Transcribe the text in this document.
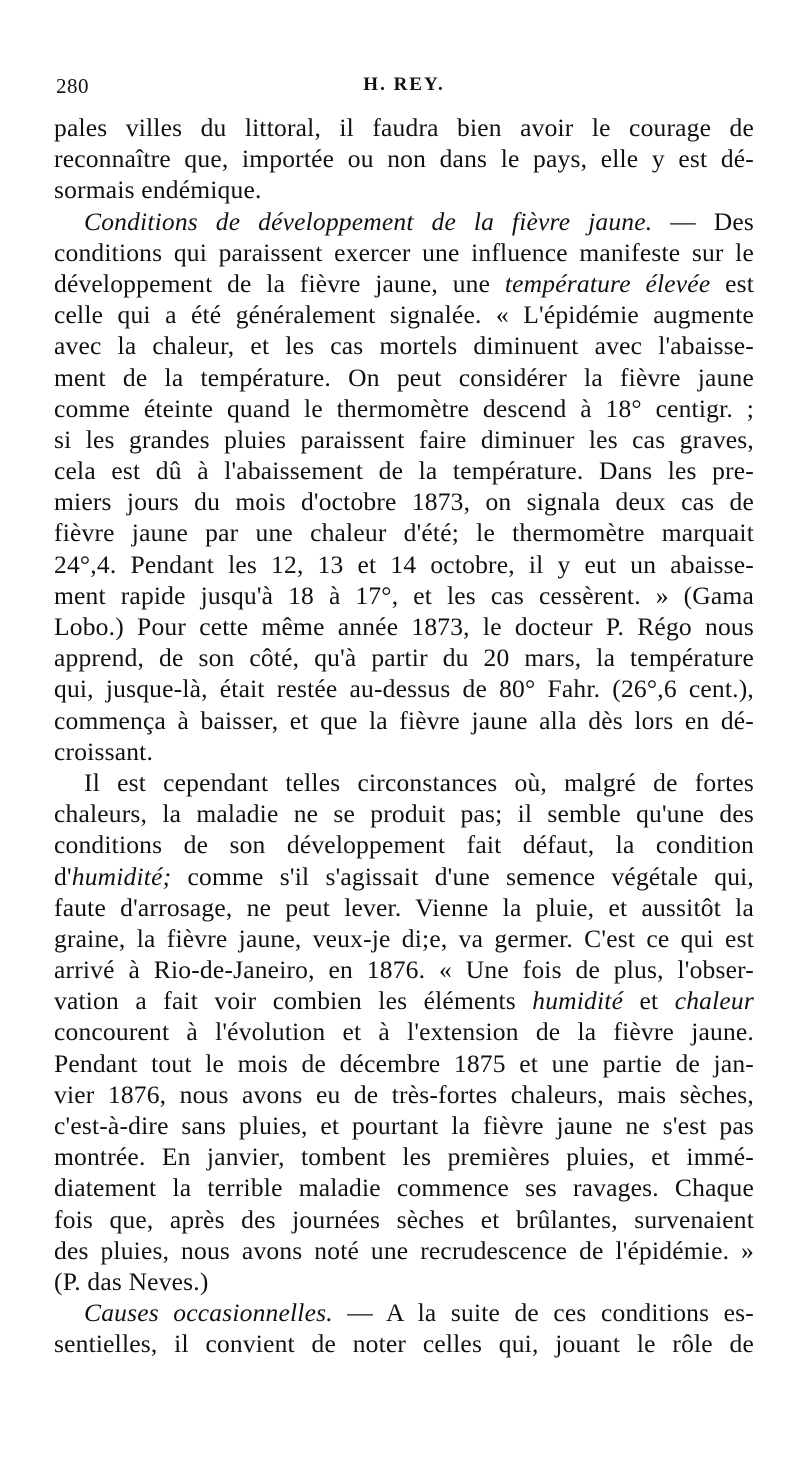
280	H. REY.
pales villes du littoral, il faudra bien avoir le courage de
reconnaître que, importée ou non dans le pays, elle y est dé-
sormais endémique.
Conditions de développement de la fièvre jaune. — Des
conditions qui paraissent exercer une influence manifeste sur le
développement de la fièvre jaune, une température élevée est
celle qui a été généralement signalée. « L'épidémie augmente
avec la chaleur, et les cas mortels diminuent avec l'abaisse-
ment de la température. On peut considérer la fièvre jaune
comme éteinte quand le thermomètre descend à 18° centigr. ;
si les grandes pluies paraissent faire diminuer les cas graves,
cela est dû à l'abaissement de la température. Dans les pre-
miers jours du mois d'octobre 1873, on signala deux cas de
fièvre jaune par une chaleur d'été; le thermomètre marquait
24°,4. Pendant les 12, 13 et 14 octobre, il y eut un abaisse-
ment rapide jusqu'à 18 à 17°, et les cas cessèrent. » (Gama
Lobo.) Pour cette même année 1873, le docteur P. Régo nous
apprend, de son côté, qu'à partir du 20 mars, la température
qui, jusque-là, était restée au-dessus de 80° Fahr. (26°,6 cent.),
commença à baisser, et que la fièvre jaune alla dès lors en dé-
croissant.
Il est cependant telles circonstances où, malgré de fortes
chaleurs, la maladie ne se produit pas; il semble qu'une des
conditions de son développement fait défaut, la condition
d'humidité; comme s'il s'agissait d'une semence végétale qui,
faute d'arrosage, ne peut lever. Vienne la pluie, et aussitôt la
graine, la fièvre jaune, veux-je di;e, va germer. C'est ce qui est
arrivé à Rio-de-Janeiro, en 1876. « Une fois de plus, l'obser-
vation a fait voir combien les éléments humidité et chaleur
concourent à l'évolution et à l'extension de la fièvre jaune.
Pendant tout le mois de décembre 1875 et une partie de jan-
vier 1876, nous avons eu de très-fortes chaleurs, mais sèches,
c'est-à-dire sans pluies, et pourtant la fièvre jaune ne s'est pas
montrée. En janvier, tombent les premières pluies, et immé-
diatement la terrible maladie commence ses ravages. Chaque
fois que, après des journées sèches et brûlantes, survenaient
des pluies, nous avons noté une recrudescence de l'épidémie. »
(P. das Neves.)
Causes occasionnelles. — A la suite de ces conditions es-
sentielles, il convient de noter celles qui, jouant le rôle de
